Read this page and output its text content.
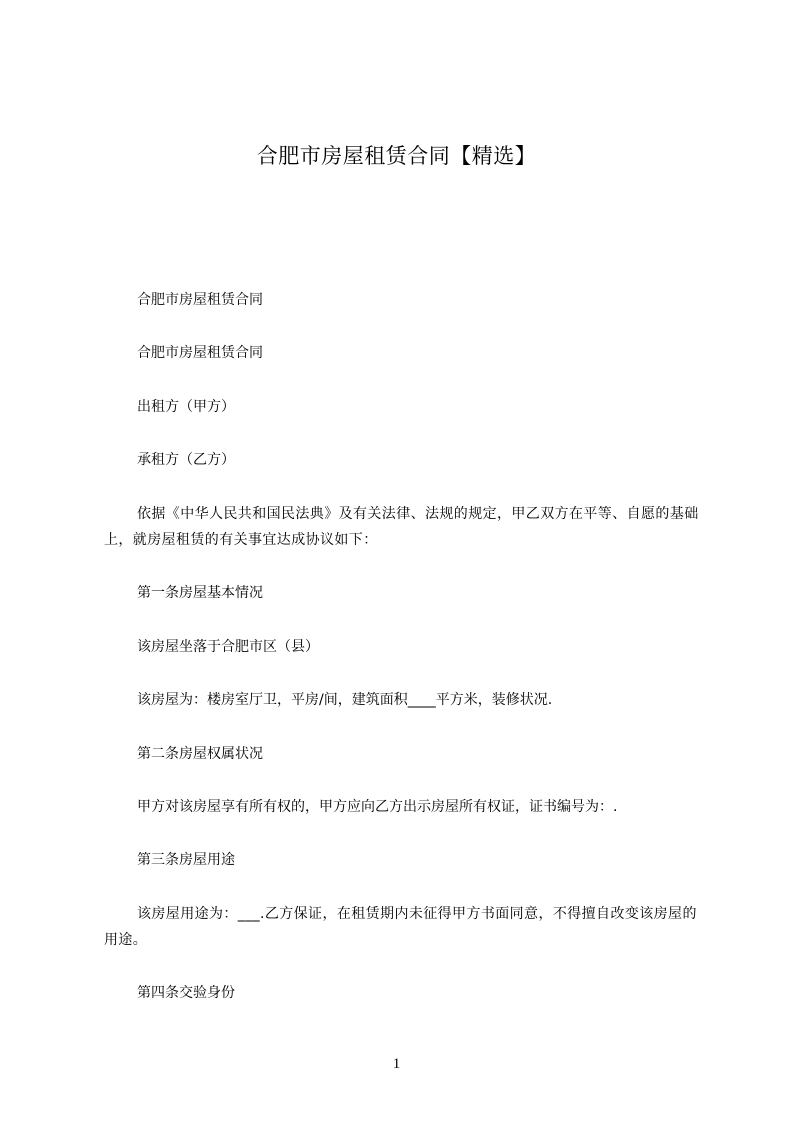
合肥市房屋租赁合同【精选】

合肥市房屋租赁合同

合肥市房屋租赁合同

出租方（甲方）

承租方（乙方）

依据《中华人民共和国民法典》及有关法律、法规的规定，甲乙双方在平等、自愿的基础上，就房屋租赁的有关事宜达成协议如下：

第一条房屋基本情况

该房屋坐落于合肥市区（县）

该房屋为：楼房室厅卫，平房/间，建筑面积____平方米，装修状况.

第二条房屋权属状况

甲方对该房屋享有所有权的，甲方应向乙方出示房屋所有权证，证书编号为：.

第三条房屋用途

该房屋用途为：___.乙方保证，在租赁期内未征得甲方书面同意，不得擅自改变该房屋的用途。

第四条交验身份

1
